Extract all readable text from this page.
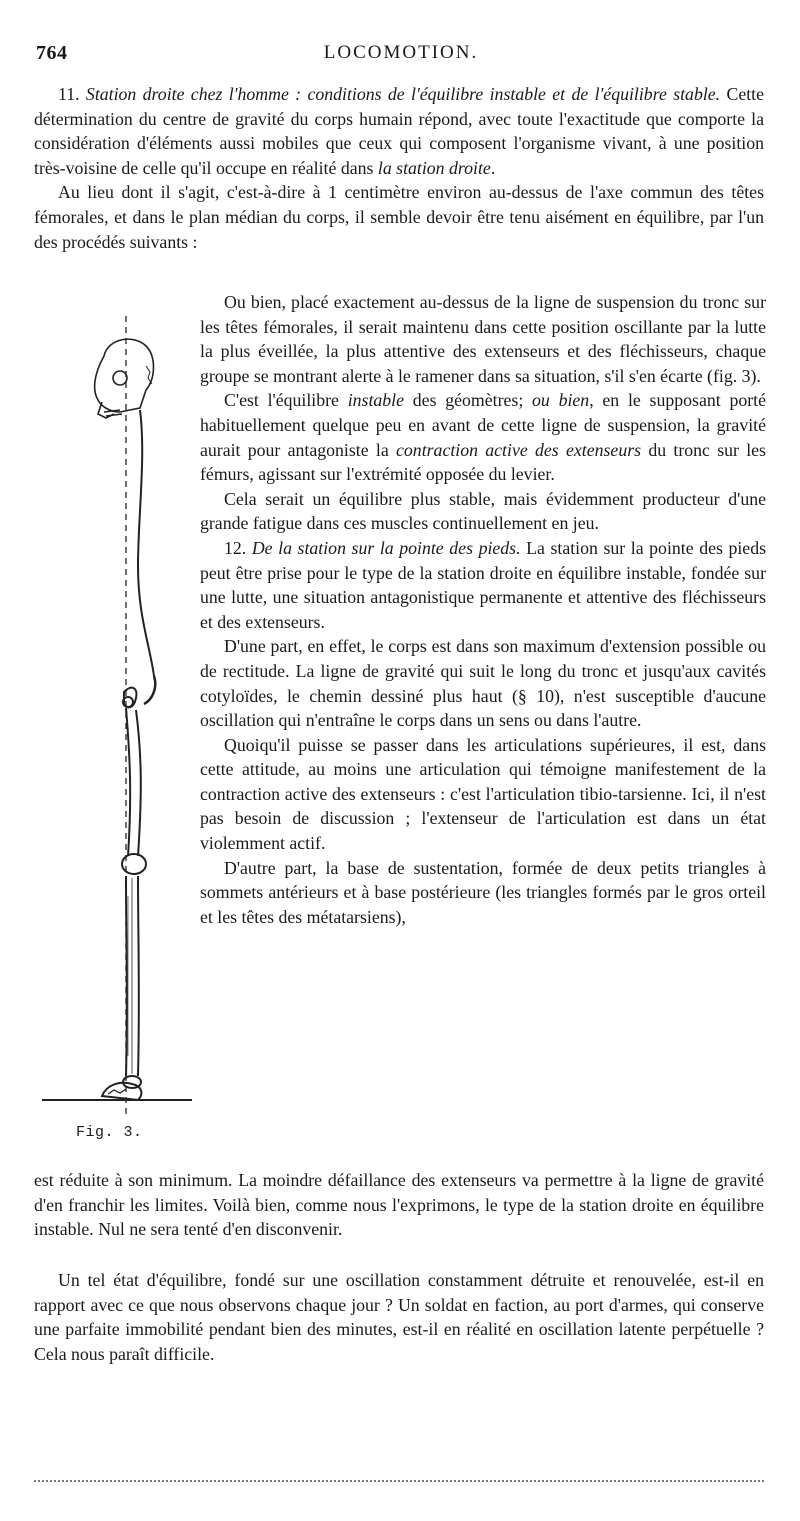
764	LOCOMOTION.

11. Station droite chez l'homme : conditions de l'équilibre instable et de l'équilibre stable. Cette détermination du centre de gravité du corps humain répond, avec toute l'exactitude que comporte la considération d'éléments aussi mobiles que ceux qui composent l'organisme vivant, à une position très-voisine de celle qu'il occupe en réalité dans la station droite.

Au lieu dont il s'agit, c'est-à-dire à 1 centimètre environ au-dessus de l'axe commun des têtes fémorales, et dans le plan médian du corps, il semble devoir être tenu aisément en équilibre, par l'un des procédés suivants :

Ou bien, placé exactement au-dessus de la ligne de suspension du tronc sur les têtes fémorales, il serait maintenu dans cette position oscillante par la lutte la plus éveillée, la plus attentive des extenseurs et des fléchisseurs, chaque groupe se montrant alerte à le ramener dans sa situation, s'il s'en écarte (fig. 3).

C'est l'équilibre instable des géomètres; ou bien, en le supposant porté habituellement quelque peu en avant de cette ligne de suspension, la gravité aurait pour antagoniste la contraction active des extenseurs du tronc sur les fémurs, agissant sur l'extrémité opposée du levier.

Cela serait un équilibre plus stable, mais évidemment producteur d'une grande fatigue dans ces muscles continuellement en jeu.

12. De la station sur la pointe des pieds. La station sur la pointe des pieds peut être prise pour le type de la station droite en équilibre instable, fondée sur une lutte, une situation antagonistique permanente et attentive des fléchisseurs et des extenseurs.

D'une part, en effet, le corps est dans son maximum d'extension possible ou de rectitude. La ligne de gravité qui suit le long du tronc et jusqu'aux cavités cotyloïdes, le chemin dessiné plus haut (§ 10), n'est susceptible d'aucune oscillation qui n'entraîne le corps dans un sens ou dans l'autre.

Quoiqu'il puisse se passer dans les articulations supérieures, il est, dans cette attitude, au moins une articulation qui témoigne manifestement de la contraction active des extenseurs : c'est l'articulation tibio-tarsienne. Ici, il n'est pas besoin de discussion ; l'extenseur de l'articulation est dans un état violemment actif.

D'autre part, la base de sustentation, formée de deux petits triangles à sommets antérieurs et à base postérieure (les triangles formés par le gros orteil et les têtes des métatarsiens),

Fig. 3.

est réduite à son minimum. La moindre défaillance des extenseurs va permettre à la ligne de gravité d'en franchir les limites. Voilà bien, comme nous l'exprimons, le type de la station droite en équilibre instable. Nul ne sera tenté d'en disconvenir.

Un tel état d'équilibre, fondé sur une oscillation constamment détruite et renouvelée, est-il en rapport avec ce que nous observons chaque jour ? Un soldat en faction, au port d'armes, qui conserve une parfaite immobilité pendant bien des minutes, est-il en réalité en oscillation latente perpétuelle ? Cela nous paraît difficile.
